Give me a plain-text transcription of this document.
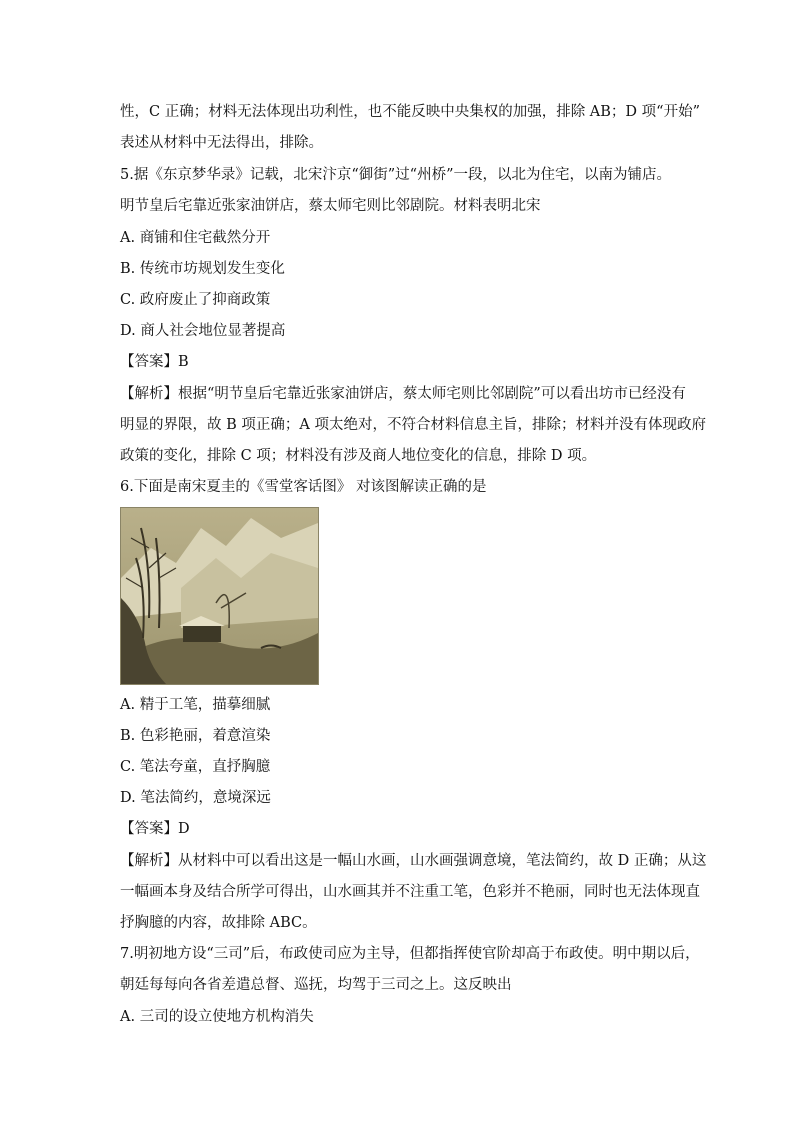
性，C 正确；材料无法体现出功利性，也不能反映中央集权的加强，排除 AB；D 项“开始”
表述从材料中无法得出，排除。
5.据《东京梦华录》记载，北宋汴京“御街”过“州桥”一段，以北为住宅，以南为铺店。
明节皇后宅靠近张家油饼店，蔡太师宅则比邻剧院。材料表明北宋
A. 商铺和住宅截然分开
B. 传统市坊规划发生变化
C. 政府废止了抑商政策
D. 商人社会地位显著提高
【答案】B
【解析】根据“明节皇后宅靠近张家油饼店，蔡太师宅则比邻剧院”可以看出坊市已经没有
明显的界限，故 B 项正确；A 项太绝对，不符合材料信息主旨，排除；材料并没有体现政府
政策的变化，排除 C 项；材料没有涉及商人地位变化的信息，排除 D 项。
6.下面是南宋夏圭的《雪堂客话图》 对该图解读正确的是
A. 精于工笔，描摹细腻
B. 色彩艳丽，着意渲染
C. 笔法夸童，直抒胸臆
D. 笔法简约，意境深远
【答案】D
【解析】从材料中可以看出这是一幅山水画，山水画强调意境，笔法简约，故 D 正确；从这
一幅画本身及结合所学可得出，山水画其并不注重工笔，色彩并不艳丽，同时也无法体现直
抒胸臆的内容，故排除 ABC。
7.明初地方设“三司”后，布政使司应为主导，但都指挥使官阶却高于布政使。明中期以后，
朝廷每每向各省差遣总督、巡抚，均驾于三司之上。这反映出
A. 三司的设立使地方机构消失
